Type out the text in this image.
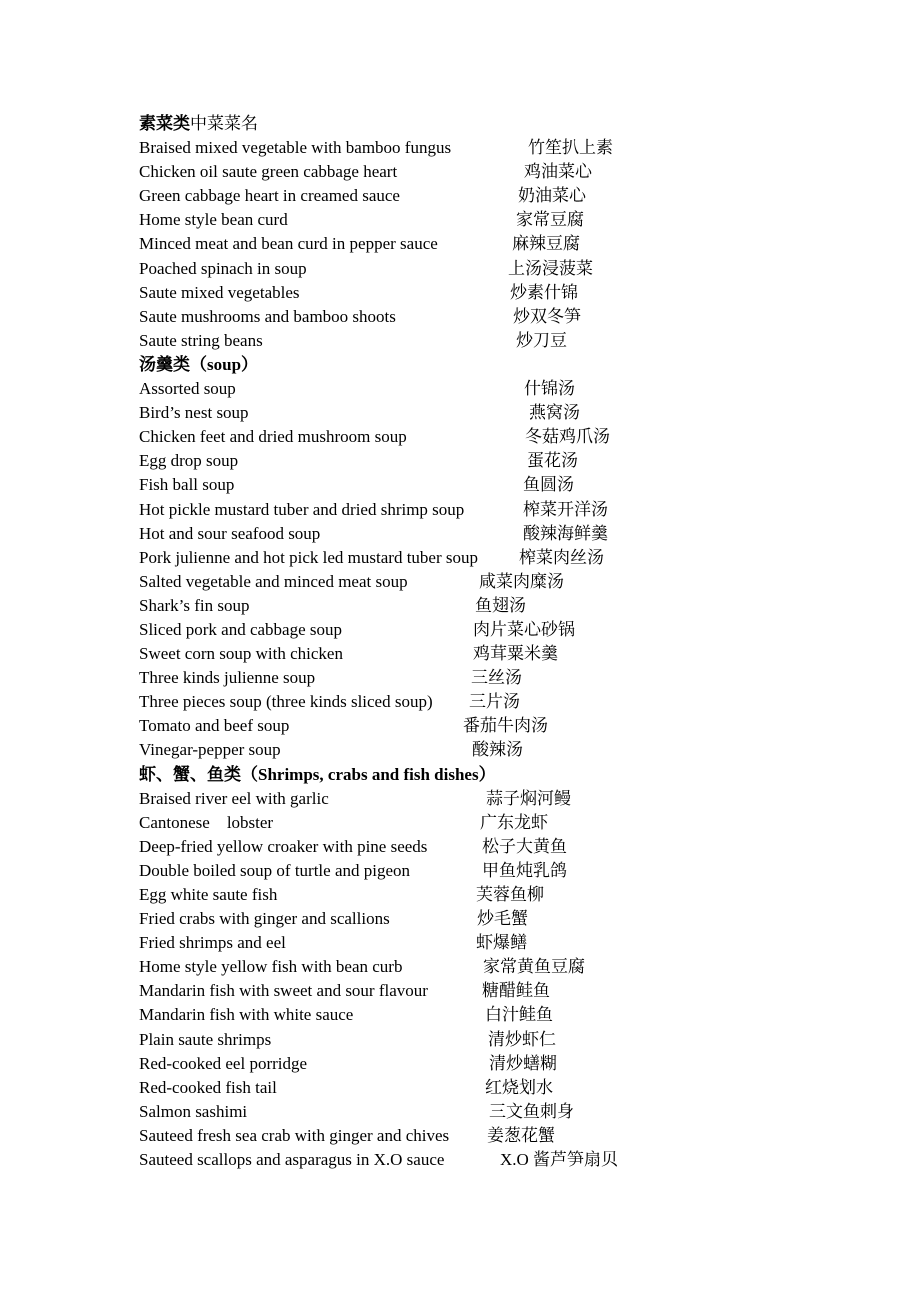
素菜类中菜菜名
Braised mixed vegetable with bamboo fungus	竹笙扒上素
Chicken oil saute green cabbage heart	鸡油菜心
Green cabbage heart in creamed sauce	奶油菜心
Home style bean curd	家常豆腐
Minced meat and bean curd in pepper sauce	麻辣豆腐
Poached spinach in soup	上汤浸菠菜
Saute mixed vegetables	炒素什锦
Saute mushrooms and bamboo shoots	炒双冬笋
Saute string beans	炒刀豆
汤羹类（soup）
Assorted soup	什锦汤
Bird’s nest soup	燕窝汤
Chicken feet and dried mushroom soup	冬菇鸡爪汤
Egg drop soup	蛋花汤
Fish ball soup	鱼圆汤
Hot pickle mustard tuber and dried shrimp soup	榨菜开洋汤
Hot and sour seafood soup	酸辣海鲜羹
Pork julienne and hot pick led mustard tuber soup 榨菜肉丝汤
Salted vegetable and minced meat soup	咸菜肉糜汤
Shark’s fin soup	鱼翅汤
Sliced pork and cabbage soup	肉片菜心砂锅
Sweet corn soup with chicken	鸡茸粟米羹
Three kinds julienne soup	三丝汤
Three pieces soup (three kinds sliced soup) 三片汤
Tomato and beef soup	番茄牛肉汤
Vinegar-pepper soup	酸辣汤
虾、蟹、鱼类（Shrimps, crabs and fish dishes）
Braised river eel with garlic	蒜子焖河鳗
Cantonese　lobster	广东龙虾
Deep-fried yellow croaker with pine seeds	松子大黄鱼
Double boiled soup of turtle and pigeon	甲鱼炖乳鸽
Egg white saute fish	芙蓉鱼柳
Fried crabs with ginger and scallions	炒毛蟹
Fried shrimps and eel	虾爆鳝
Home style yellow fish with bean curb	家常黄鱼豆腐
Mandarin fish with sweet and sour flavour	糖醋鲑鱼
Mandarin fish with white sauce	白汁鲑鱼
Plain saute shrimps	清炒虾仁
Red-cooked eel porridge	清炒蟮糊
Red-cooked fish tail	红烧划水
Salmon sashimi	三文鱼刺身
Sauteed fresh sea crab with ginger and chives 姜葱花蟹
Sauteed scallops and asparagus in X.O sauce	X.O 酱芦笋扇贝
